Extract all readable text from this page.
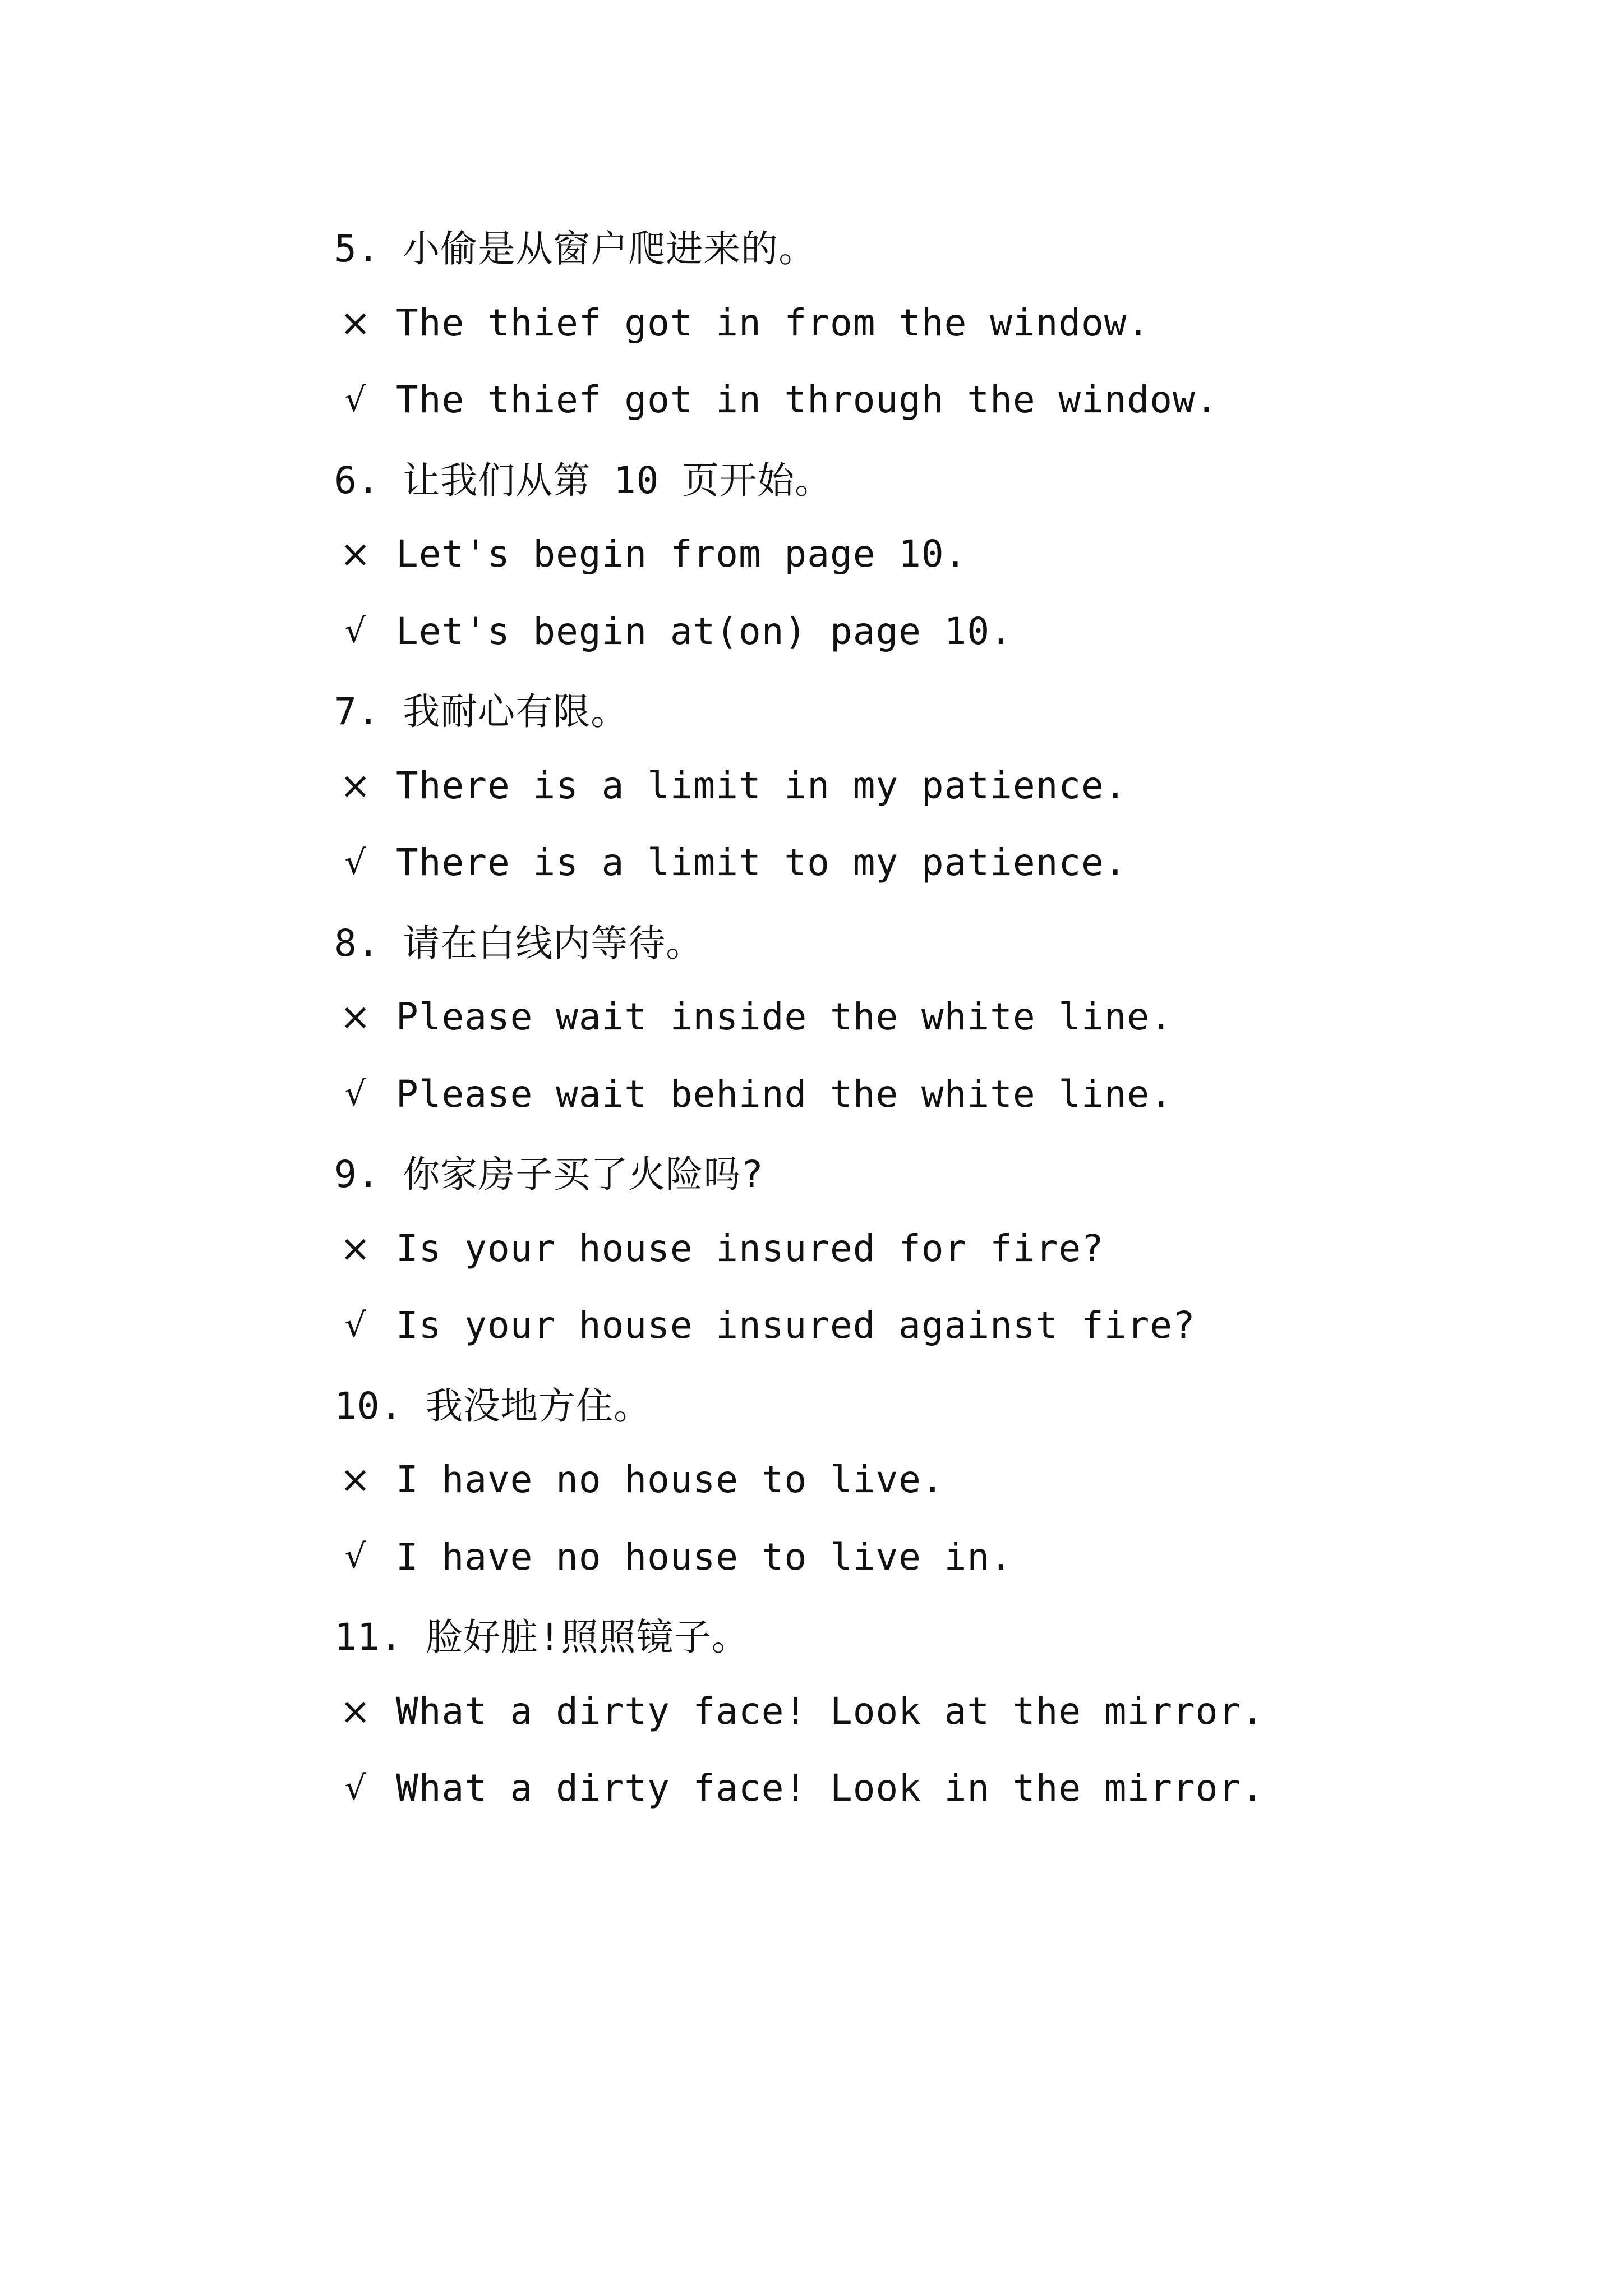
5. 小偷是从窗户爬进来的。
× The thief got in from the window.
√ The thief got in through the window.
6. 让我们从第 10 页开始。
× Let's begin from page 10.
√ Let's begin at(on) page 10.
7. 我耐心有限。
× There is a limit in my patience.
√ There is a limit to my patience.
8. 请在白线内等待。
× Please wait inside the white line.
√ Please wait behind the white line.
9. 你家房子买了火险吗?
× Is your house insured for fire?
√ Is your house insured against fire?
10. 我没地方住。
× I have no house to live.
√ I have no house to live in.
11. 脸好脏!照照镜子。
× What a dirty face! Look at the mirror.
√ What a dirty face! Look in the mirror.
